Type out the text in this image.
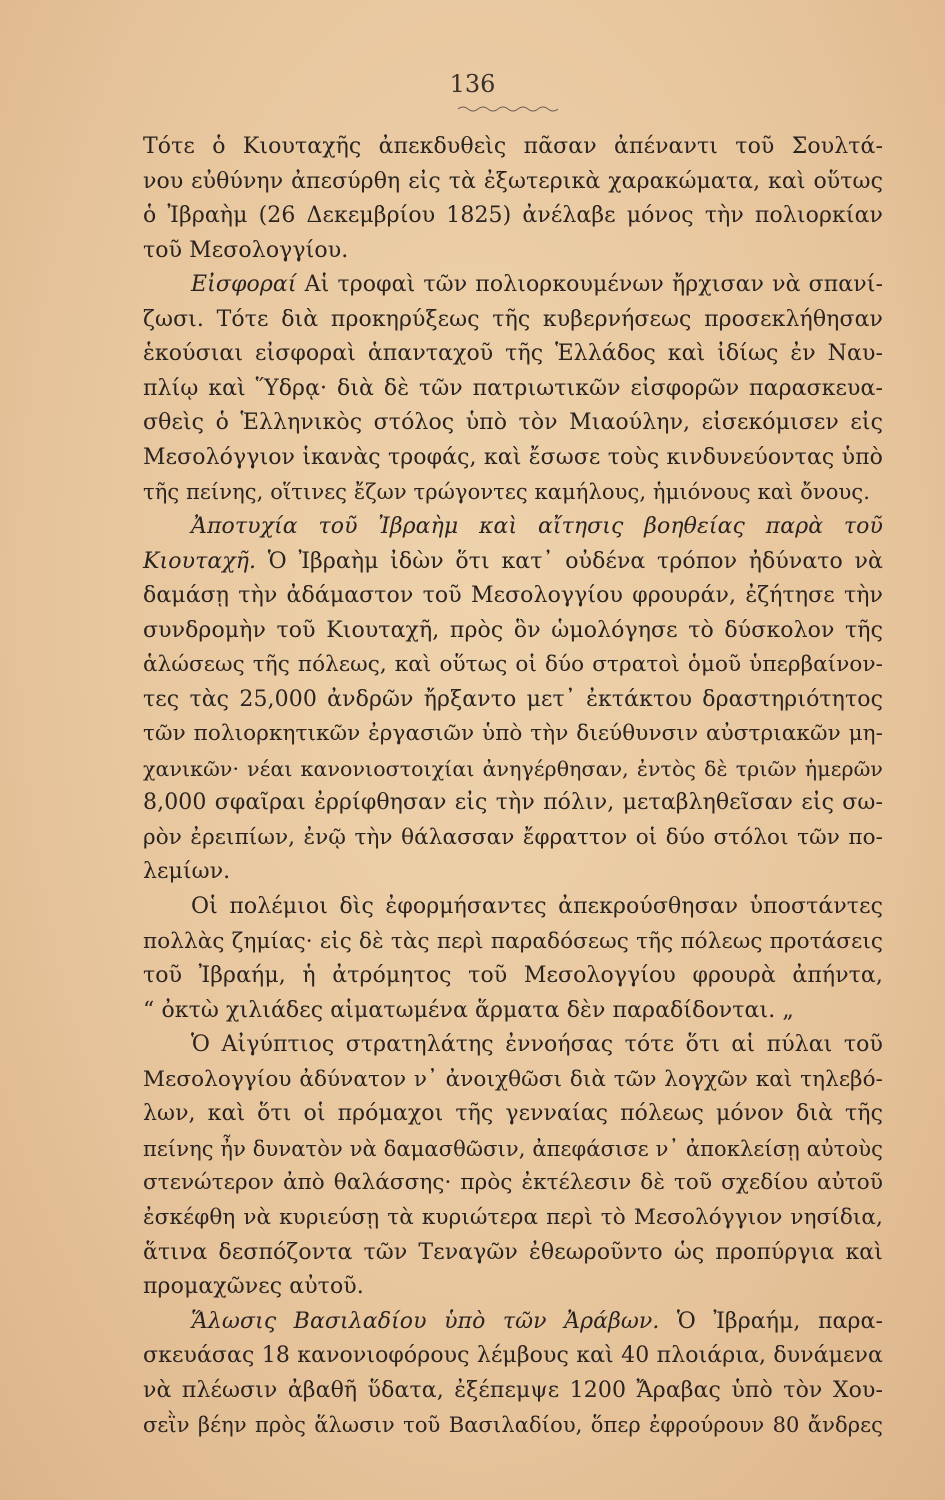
136
Τότε ὁ Κιουταχῆς ἀπεκδυθεὶς πᾶσαν ἀπέναντι τοῦ Σουλτά-
νου εὐθύνην ἀπεσύρθη εἰς τὰ ἐξωτερικὰ χαρακώματα, καὶ οὕτως
ὁ Ἰβραὴμ (26 Δεκεμβρίου 1825) ἀνέλαβε μόνος τὴν πολιορκίαν
τοῦ Μεσολογγίου.
Εἰσφοραί Αἱ τροφαὶ τῶν πολιορκουμένων ἤρχισαν νὰ σπανί-
ζωσι. Τότε διὰ προκηρύξεως τῆς κυβερνήσεως προσεκλήθησαν
ἑκούσιαι εἰσφοραὶ ἁπανταχοῦ τῆς Ἑλλάδος καὶ ἰδίως ἐν Ναυ-
πλίῳ καὶ Ὕδρᾳ· διὰ δὲ τῶν πατριωτικῶν εἰσφορῶν παρασκευα-
σθεὶς ὁ Ἑλληνικὸς στόλος ὑπὸ τὸν Μιαούλην, εἰσεκόμισεν εἰς
Μεσολόγγιον ἱκανὰς τροφάς, καὶ ἔσωσε τοὺς κινδυνεύοντας ὑπὸ
τῆς πείνης, οἵτινες ἔζων τρώγοντες καμήλους, ἡμιόνους καὶ ὄνους.
Ἀποτυχία τοῦ Ἰβραὴμ καὶ αἴτησις βοηθείας παρὰ τοῦ
Κιουταχῆ. Ὁ Ἰβραὴμ ἰδὼν ὅτι κατ᾽ οὐδένα τρόπον ἠδύνατο νὰ
δαμάσῃ τὴν ἀδάμαστον τοῦ Μεσολογγίου φρουράν, ἐζήτησε τὴν
συνδρομὴν τοῦ Κιουταχῆ, πρὸς ὃν ὡμολόγησε τὸ δύσκολον τῆς
ἁλώσεως τῆς πόλεως, καὶ οὕτως οἱ δύο στρατοὶ ὁμοῦ ὑπερβαίνον-
τες τὰς 25,000 ἀνδρῶν ἤρξαντο μετ᾽ ἐκτάκτου δραστηριότητος
τῶν πολιορκητικῶν ἐργασιῶν ὑπὸ τὴν διεύθυνσιν αὐστριακῶν μη-
χανικῶν· νέαι κανονιοστοιχίαι ἀνηγέρθησαν, ἐντὸς δὲ τριῶν ἡμερῶν
8,000 σφαῖραι ἐρρίφθησαν εἰς τὴν πόλιν, μεταβληθεῖσαν εἰς σω-
ρὸν ἐρειπίων, ἐνῷ τὴν θάλασσαν ἔφραττον οἱ δύο στόλοι τῶν πο-
λεμίων.
Οἱ πολέμιοι δὶς ἐφορμήσαντες ἀπεκρούσθησαν ὑποστάντες
πολλὰς ζημίας· εἰς δὲ τὰς περὶ παραδόσεως τῆς πόλεως προτάσεις
τοῦ Ἰβραήμ, ἡ ἀτρόμητος τοῦ Μεσολογγίου φρουρὰ ἀπήντα,
“ ὀκτὼ χιλιάδες αἱματωμένα ἅρματα δὲν παραδίδονται. „
Ὁ Αἰγύπτιος στρατηλάτης ἐννοήσας τότε ὅτι αἱ πύλαι τοῦ
Μεσολογγίου ἀδύνατον ν᾽ ἀνοιχθῶσι διὰ τῶν λογχῶν καὶ τηλεβό-
λων, καὶ ὅτι οἱ πρόμαχοι τῆς γενναίας πόλεως μόνον διὰ τῆς
πείνης ἦν δυνατὸν νὰ δαμασθῶσιν, ἀπεφάσισε ν᾽ ἀποκλείσῃ αὐτοὺς
στενώτερον ἀπὸ θαλάσσης· πρὸς ἐκτέλεσιν δὲ τοῦ σχεδίου αὐτοῦ
ἐσκέφθη νὰ κυριεύσῃ τὰ κυριώτερα περὶ τὸ Μεσολόγγιον νησίδια,
ἅτινα δεσπόζοντα τῶν Τεναγῶν ἐθεωροῦντο ὡς προπύργια καὶ
προμαχῶνες αὐτοῦ.
Ἅλωσις Βασιλαδίου ὑπὸ τῶν Ἀράβων. Ὁ Ἰβραήμ, παρα-
σκευάσας 18 κανονιοφόρους λέμβους καὶ 40 πλοιάρια, δυνάμενα
νὰ πλέωσιν ἀβαθῆ ὕδατα, ἐξέπεμψε 1200 Ἄραβας ὑπὸ τὸν Χου-
σεῒν βέην πρὸς ἅλωσιν τοῦ Βασιλαδίου, ὅπερ ἐφρούρουν 80 ἄνδρες
